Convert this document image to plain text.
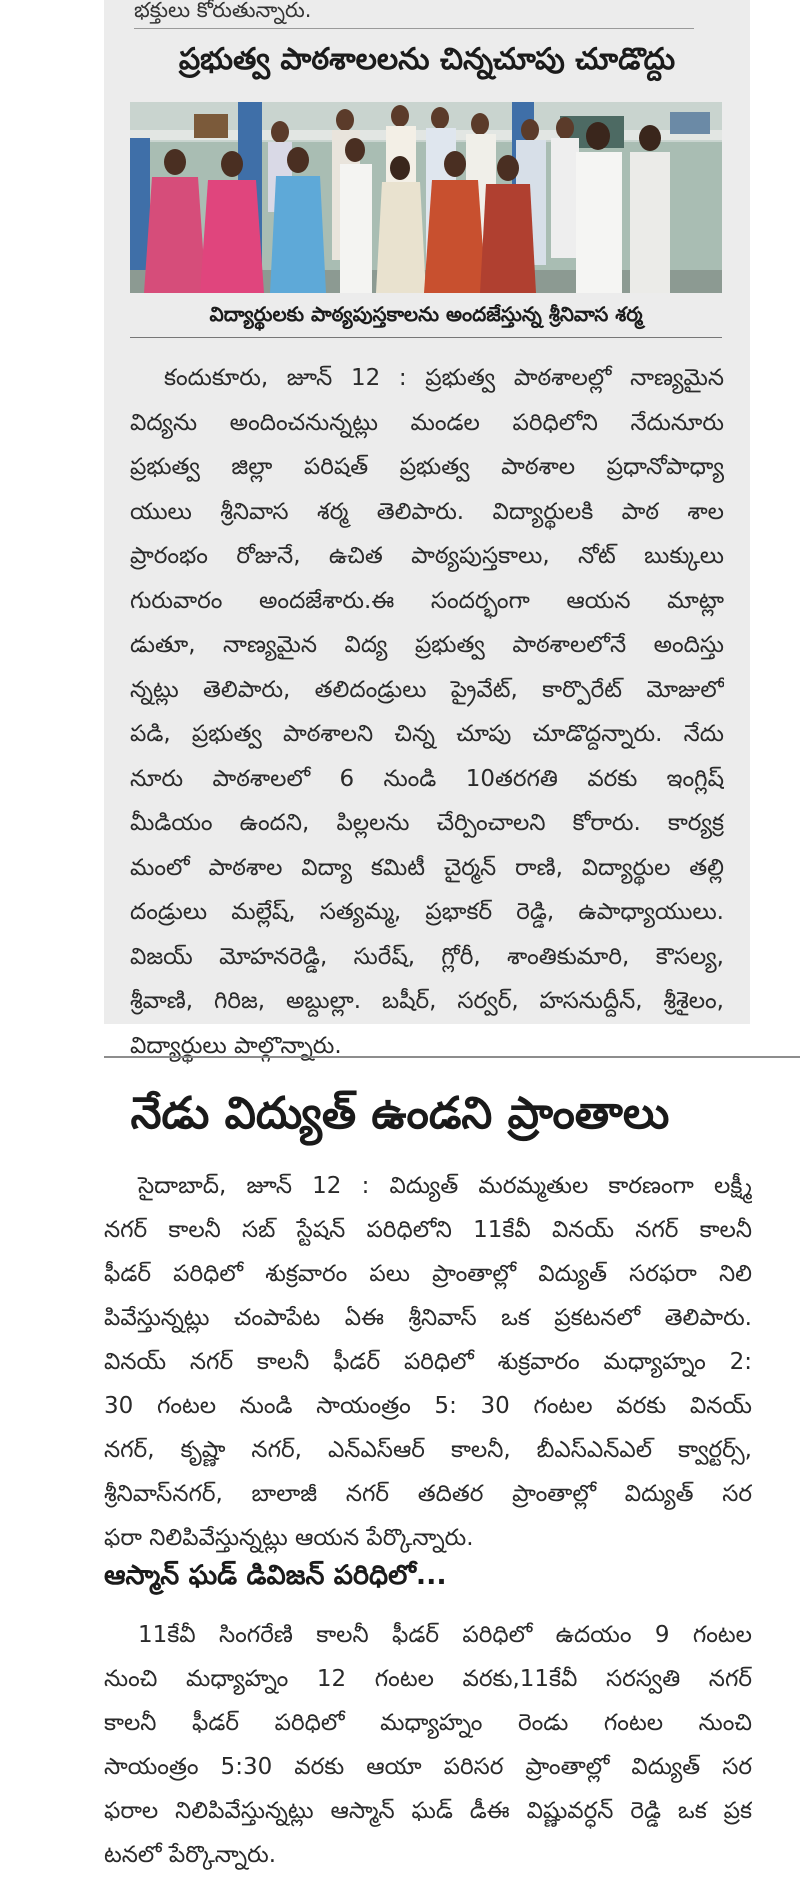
భక్తులు కోరుతున్నారు.
ప్రభుత్వ పాఠశాలలను చిన్నచూపు చూడొద్దు
విద్యార్థులకు పాఠ్యపుస్తకాలను అందజేస్తున్న శ్రీనివాస శర్మ
కందుకూరు, జూన్ 12 : ప్రభుత్వ పాఠశాలల్లో నాణ్యమైన
విద్యను అందించనున్నట్లు మండల పరిధిలోని నేదునూరు
ప్రభుత్వ జిల్లా పరిషత్ ప్రభుత్వ పాఠశాల ప్రధానోపాధ్యా
యులు శ్రీనివాస శర్మ తెలిపారు. విద్యార్థులకి పాఠ శాల
ప్రారంభం రోజునే, ఉచిత పాఠ్యపుస్తకాలు, నోట్ బుక్కులు
గురువారం అందజేశారు.ఈ సందర్భంగా ఆయన మాట్లా
డుతూ, నాణ్యమైన విద్య ప్రభుత్వ పాఠశాలలోనే అందిస్తు
న్నట్లు తెలిపారు, తలిదండ్రులు ప్రైవేట్, కార్పొరేట్ మోజులో
పడి, ప్రభుత్వ పాఠశాలని చిన్న చూపు చూడొద్దన్నారు. నేదు
నూరు పాఠశాలలో 6 నుండి 10తరగతి వరకు ఇంగ్లిష్
మీడియం ఉందని, పిల్లలను చేర్పించాలని కోరారు. కార్యక్ర
మంలో పాఠశాల విద్యా కమిటీ చైర్మన్ రాణి, విద్యార్థుల తల్లి
దండ్రులు మల్లేష్, సత్యమ్మ, ప్రభాకర్ రెడ్డి, ఉపాధ్యాయులు.
విజయ్ మోహనరెడ్డి, సురేష్, గ్లోరీ, శాంతికుమారి, కౌసల్య,
శ్రీవాణి, గిరిజ, అబ్దుల్లా. బషీర్, సర్వర్, హసనుద్దీన్, శ్రీశైలం,
విద్యార్థులు పాల్గొన్నారు.
నేడు విద్యుత్ ఉండని ప్రాంతాలు
సైదాబాద్, జూన్ 12 : విద్యుత్ మరమ్మతుల కారణంగా లక్ష్మీ
నగర్ కాలనీ సబ్ స్టేషన్ పరిధిలోని 11కేవీ వినయ్ నగర్ కాలనీ
ఫీడర్ పరిధిలో శుక్రవారం పలు ప్రాంతాల్లో విద్యుత్ సరఫరా నిలి
పివేస్తున్నట్లు చంపాపేట ఏఈ శ్రీనివాస్ ఒక ప్రకటనలో తెలిపారు.
వినయ్ నగర్ కాలనీ ఫీడర్ పరిధిలో శుక్రవారం మధ్యాహ్నం 2:
30 గంటల నుండి సాయంత్రం 5: 30 గంటల వరకు వినయ్
నగర్, కృష్ణా నగర్, ఎన్ఎస్ఆర్ కాలనీ, బీఎస్ఎన్ఎల్ క్వార్టర్స్,
శ్రీనివాస్‌నగర్, బాలాజీ నగర్ తదితర ప్రాంతాల్లో విద్యుత్ సర
ఫరా నిలిపివేస్తున్నట్లు ఆయన పేర్కొన్నారు.
ఆస్మాన్ ఘడ్ డివిజన్ పరిధిలో...
11కేవీ సింగరేణి కాలనీ ఫీడర్ పరిధిలో ఉదయం 9 గంటల
నుంచి మధ్యాహ్నం 12 గంటల వరకు,11కేవీ సరస్వతి నగర్
కాలనీ ఫీడర్ పరిధిలో మధ్యాహ్నం రెండు గంటల నుంచి
సాయంత్రం 5:30 వరకు ఆయా పరిసర ప్రాంతాల్లో విద్యుత్ సర
ఫరాల నిలిపివేస్తున్నట్లు ఆస్మాన్ ఘడ్ డీఈ విష్ణువర్ధన్ రెడ్డి ఒక ప్రక
టనలో పేర్కొన్నారు.
